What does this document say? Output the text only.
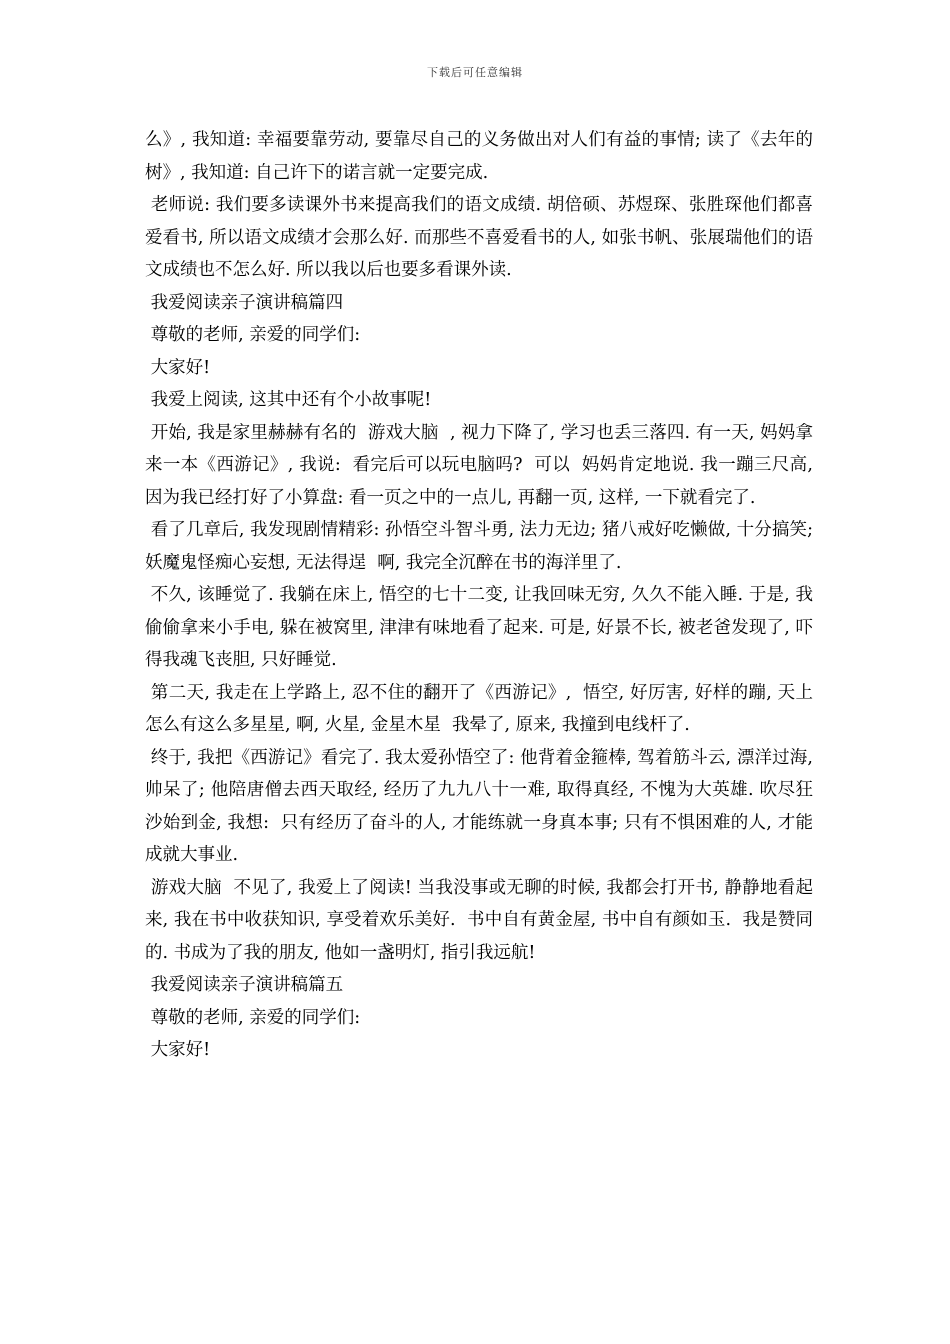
下载后可任意编辑

么》, 我知道: 幸福要靠劳动, 要靠尽自己的义务做出对人们有益的事情; 读了《去年的树》, 我知道: 自己许下的诺言就一定要完成.

老师说: 我们要多读课外书来提高我们的语文成绩. 胡倍硕、苏煜琛、张胜琛他们都喜爱看书, 所以语文成绩才会那么好. 而那些不喜爱看书的人, 如张书帆、张展瑞他们的语文成绩也不怎么好. 所以我以后也要多看课外读.

我爱阅读亲子演讲稿篇四

尊敬的老师, 亲爱的同学们:

大家好!

我爱上阅读, 这其中还有个小故事呢!

开始, 我是家里赫赫有名的  游戏大脑  , 视力下降了, 学习也丢三落四. 有一天, 妈妈拿来一本《西游记》, 我说:  看完后可以玩电脑吗?  可以  妈妈肯定地说. 我一蹦三尺高, 因为我已经打好了小算盘: 看一页之中的一点儿, 再翻一页, 这样, 一下就看完了.

看了几章后, 我发现剧情精彩: 孙悟空斗智斗勇, 法力无边; 猪八戒好吃懒做, 十分搞笑; 妖魔鬼怪痴心妄想, 无法得逞  啊, 我完全沉醉在书的海洋里了.

不久, 该睡觉了. 我躺在床上, 悟空的七十二变, 让我回味无穷, 久久不能入睡. 于是, 我偷偷拿来小手电, 躲在被窝里, 津津有味地看了起来. 可是, 好景不长, 被老爸发现了, 吓得我魂飞丧胆, 只好睡觉.

第二天, 我走在上学路上, 忍不住的翻开了《西游记》,  悟空, 好厉害, 好样的蹦, 天上怎么有这么多星星, 啊, 火星, 金星木星  我晕了, 原来, 我撞到电线杆了.

终于, 我把《西游记》看完了. 我太爱孙悟空了: 他背着金箍棒, 驾着筋斗云, 漂洋过海, 帅呆了; 他陪唐僧去西天取经, 经历了九九八十一难, 取得真经, 不愧为大英雄. 吹尽狂沙始到金, 我想:  只有经历了奋斗的人, 才能练就一身真本事; 只有不惧困难的人, 才能成就大事业.

游戏大脑  不见了, 我爱上了阅读! 当我没事或无聊的时候, 我都会打开书, 静静地看起来, 我在书中收获知识, 享受着欢乐美好.  书中自有黄金屋, 书中自有颜如玉.  我是赞同的. 书成为了我的朋友, 他如一盏明灯, 指引我远航!

我爱阅读亲子演讲稿篇五

尊敬的老师, 亲爱的同学们:

大家好!
